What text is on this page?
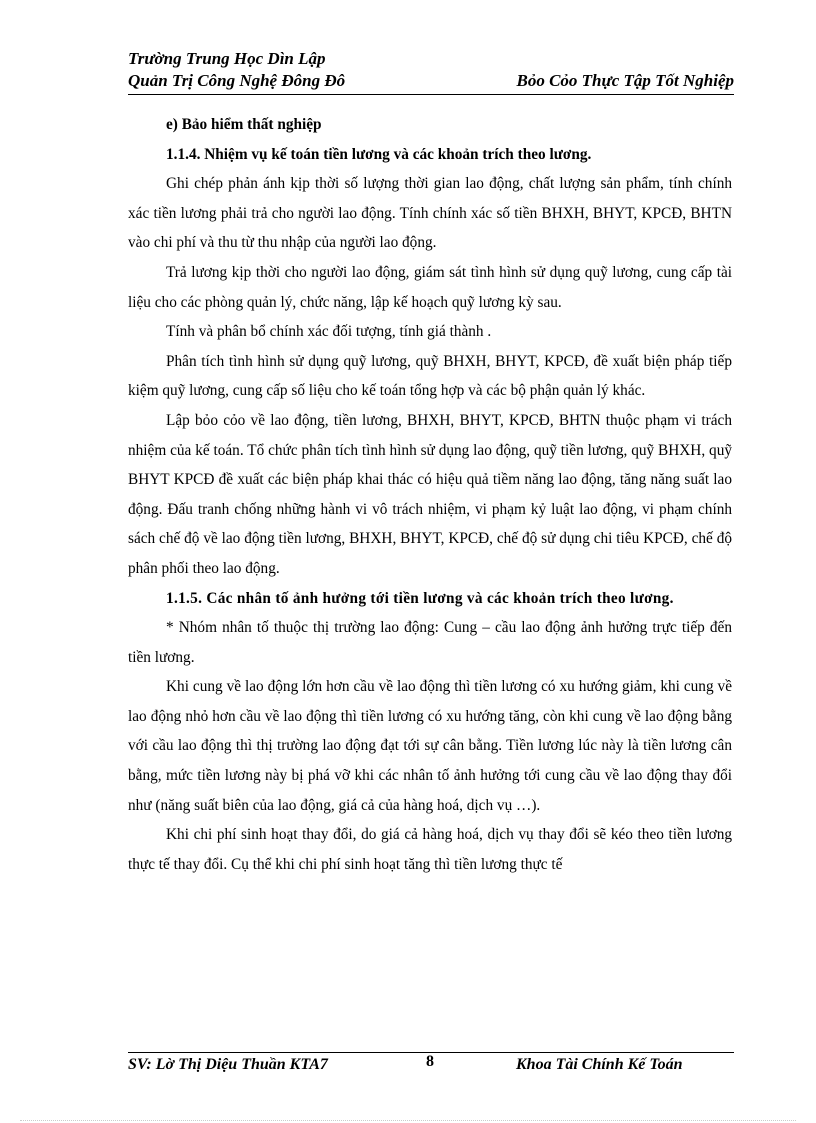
Trường Trung Học Dìn Lập
Quản Trị Công Nghệ Đông Đô	Bỏo Cỏo Thực Tập Tốt Nghiệp

e) Bảo hiểm thất nghiệp

1.1.4. Nhiệm vụ kế toán tiền lương và các khoản trích theo lương.

Ghi chép phản ánh kịp thời số lượng thời gian lao động, chất lượng sản phẩm, tính chính xác tiền lương phải trả cho người lao động. Tính chính xác số tiền BHXH, BHYT, KPCĐ, BHTN vào chi phí và thu từ thu nhập của người lao động.

Trả lương kịp thời cho người lao động, giám sát tình hình sử dụng quỹ lương, cung cấp tài liệu cho các phòng quản lý, chức năng, lập kế hoạch quỹ lương kỳ sau.

Tính và phân bổ chính xác đối tượng, tính giá thành .

Phân tích tình hình sử dụng quỹ lương, quỹ BHXH, BHYT, KPCĐ, đề xuất biện pháp tiếp kiệm quỹ lương, cung cấp số liệu cho kế toán tổng hợp và các bộ phận quản lý khác.

Lập bỏo cỏo về lao động, tiền lương, BHXH, BHYT, KPCĐ, BHTN thuộc phạm vi trách nhiệm của kế toán. Tổ chức phân tích tình hình sử dụng lao động, quỹ tiền lương, quỹ BHXH, quỹ BHYT KPCĐ đề xuất các biện pháp khai thác có hiệu quả tiềm năng lao động, tăng năng suất lao động. Đấu tranh chống những hành vi vô trách nhiệm, vi phạm kỷ luật lao động, vi phạm chính sách chế độ về lao động tiền lương, BHXH, BHYT, KPCĐ, chế độ sử dụng chi tiêu KPCĐ, chế độ phân phối theo lao động.

1.1.5. Các nhân tố ảnh hưởng tới tiền lương và các khoản trích theo lương.

* Nhóm nhân tố thuộc thị trường lao động: Cung – cầu lao động ảnh hưởng trực tiếp đến tiền lương.

Khi cung về lao động lớn hơn cầu về lao động thì tiền lương có xu hướng giảm, khi cung về lao động nhỏ hơn cầu về lao động thì tiền lương có xu hướng tăng, còn khi cung về lao động bằng với cầu lao động thì thị trường lao động đạt tới sự cân bằng. Tiền lương lúc này là tiền lương cân bằng, mức tiền lương này bị phá vỡ khi các nhân tố ảnh hưởng tới cung cầu về lao động thay đổi như (năng suất biên của lao động, giá cả của hàng hoá, dịch vụ …).

Khi chi phí sinh hoạt thay đổi, do giá cả hàng hoá, dịch vụ thay đổi sẽ kéo theo tiền lương thực tế thay đổi. Cụ thể khi chi phí sinh hoạt tăng thì tiền lương thực tế

SV: Lờ Thị Diệu Thuần KTA7	8	Khoa Tài Chính Kế Toán
